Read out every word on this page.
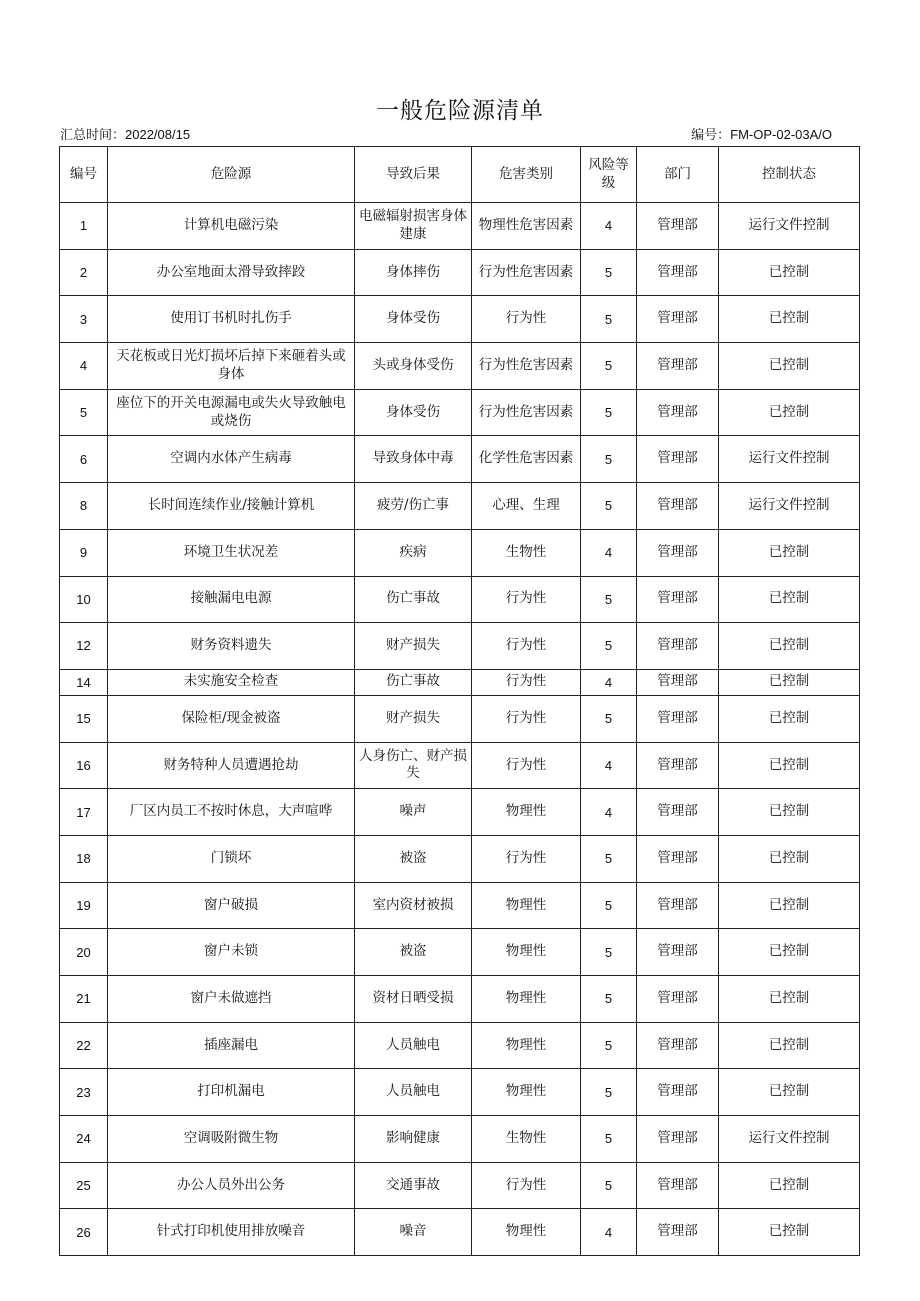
一般危险源清单
汇总时间：2022/08/15	编号：FM-OP-02-03A/O
编号	危险源	导致后果	危害类别	风险等级	部门	控制状态
1	计算机电磁污染	电磁辐射损害身体建康	物理性危害因素	4	管理部	运行文件控制
2	办公室地面太滑导致摔跤	身体摔伤	行为性危害因素	5	管理部	已控制
3	使用订书机时扎伤手	身体受伤	行为性	5	管理部	已控制
4	天花板或日光灯损坏后掉下来砸着头或身体	头或身体受伤	行为性危害因素	5	管理部	已控制
5	座位下的开关电源漏电或失火导致触电或烧伤	身体受伤	行为性危害因素	5	管理部	已控制
6	空调内水体产生病毒	导致身体中毒	化学性危害因素	5	管理部	运行文件控制
8	长时间连续作业/接触计算机	疲劳/伤亡事	心理、生理	5	管理部	运行文件控制
9	环境卫生状况差	疾病	生物性	4	管理部	已控制
10	接触漏电电源	伤亡事故	行为性	5	管理部	已控制
12	财务资料遗失	财产损失	行为性	5	管理部	已控制
14	未实施安全检查	伤亡事故	行为性	4	管理部	已控制
15	保险柜/现金被盗	财产损失	行为性	5	管理部	已控制
16	财务特种人员遭遇抢劫	人身伤亡、财产损失	行为性	4	管理部	已控制
17	厂区内员工不按时休息，大声喧哗	噪声	物理性	4	管理部	已控制
18	门锁坏	被盗	行为性	5	管理部	已控制
19	窗户破损	室内资材被损	物理性	5	管理部	已控制
20	窗户未锁	被盗	物理性	5	管理部	已控制
21	窗户未做遮挡	资材日晒受损	物理性	5	管理部	已控制
22	插座漏电	人员触电	物理性	5	管理部	已控制
23	打印机漏电	人员触电	物理性	5	管理部	已控制
24	空调吸附微生物	影响健康	生物性	5	管理部	运行文件控制
25	办公人员外出公务	交通事故	行为性	5	管理部	已控制
26	针式打印机使用排放噪音	噪音	物理性	4	管理部	已控制
